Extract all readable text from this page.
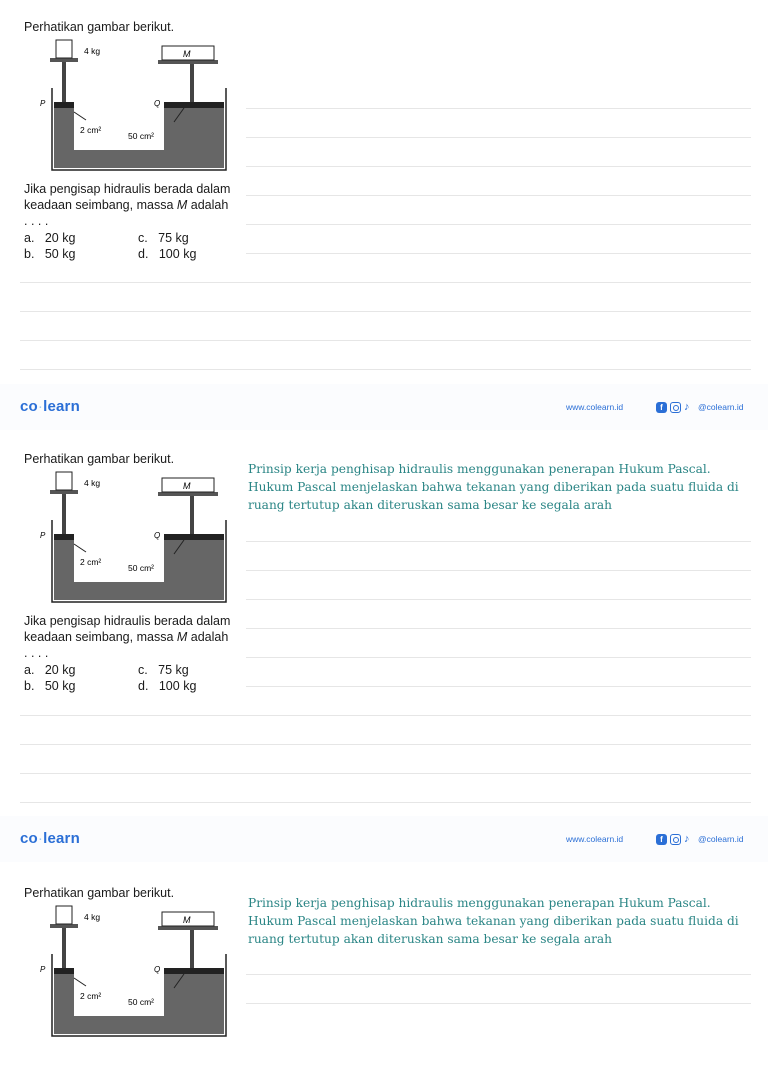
Perhatikan gambar berikut.
4 kg	M
P	Q
2 cm²
50 cm²
Jika pengisap hidraulis berada dalam keadaan seimbang, massa M adalah
. . . .
a. 20 kg
b. 50 kg
c. 75 kg
d. 100 kg
co·learn	www.colearn.id	f	♪	@colearn.id
Perhatikan gambar berikut.
4 kg	M
P	Q
2 cm²
50 cm²
Jika pengisap hidraulis berada dalam keadaan seimbang, massa M adalah
. . . .
a. 20 kg
b. 50 kg
c. 75 kg
d. 100 kg
Prinsip kerja penghisap hidraulis menggunakan penerapan Hukum Pascal. Hukum Pascal menjelaskan bahwa tekanan yang diberikan pada suatu fluida di ruang tertutup akan diteruskan sama besar ke segala arah
co·learn	www.colearn.id	f	♪	@colearn.id
Perhatikan gambar berikut.
4 kg	M
P	Q
2 cm²
50 cm²
Prinsip kerja penghisap hidraulis menggunakan penerapan Hukum Pascal. Hukum Pascal menjelaskan bahwa tekanan yang diberikan pada suatu fluida di ruang tertutup akan diteruskan sama besar ke segala arah
